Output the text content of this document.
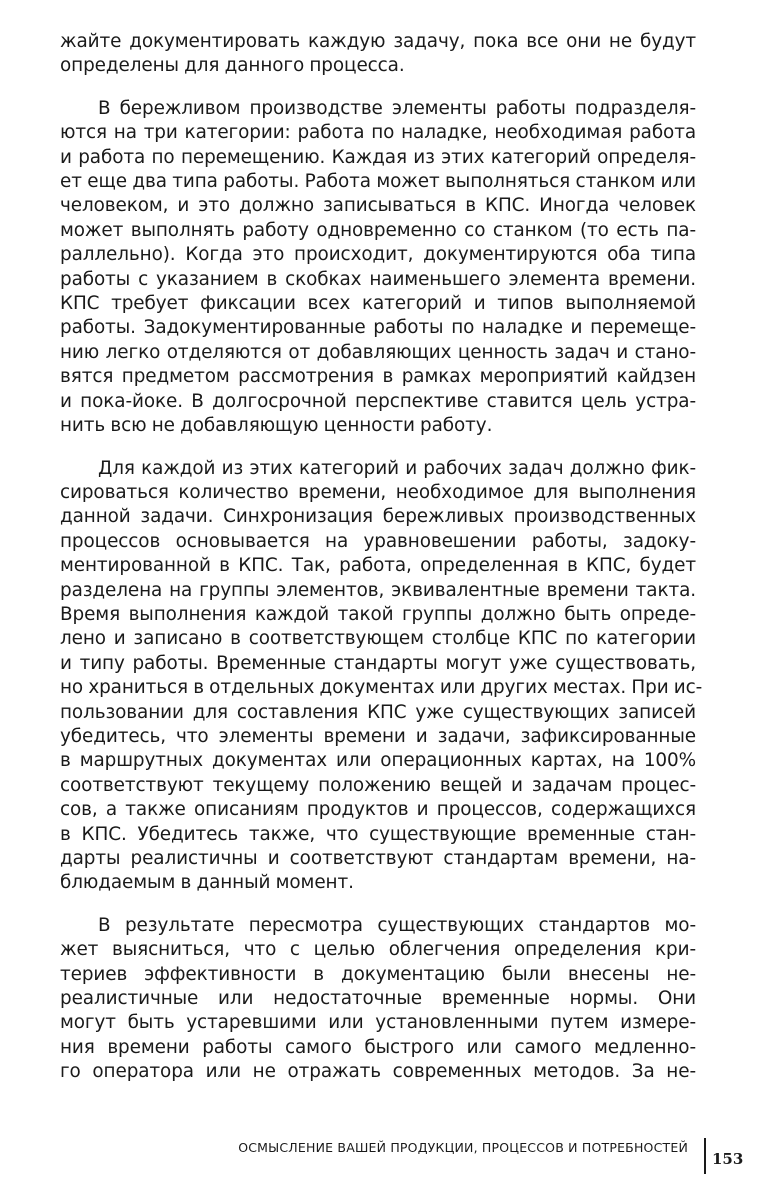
жайте документировать каждую задачу, пока все они не будут
определены для данного процесса.

В бережливом производстве элементы работы подразделя-
ются на три категории: работа по наладке, необходимая работа
и работа по перемещению. Каждая из этих категорий определя-
ет еще два типа работы. Работа может выполняться станком или
человеком, и это должно записываться в КПС. Иногда человек
может выполнять работу одновременно со станком (то есть па-
раллельно). Когда это происходит, документируются оба типа
работы с указанием в скобках наименьшего элемента времени.
КПС требует фиксации всех категорий и типов выполняемой
работы. Задокументированные работы по наладке и перемеще-
нию легко отделяются от добавляющих ценность задач и стано-
вятся предметом рассмотрения в рамках мероприятий кайдзен
и пока-йоке. В долгосрочной перспективе ставится цель устра-
нить всю не добавляющую ценности работу.

Для каждой из этих категорий и рабочих задач должно фик-
сироваться количество времени, необходимое для выполнения
данной задачи. Синхронизация бережливых производственных
процессов основывается на уравновешении работы, задоку-
ментированной в КПС. Так, работа, определенная в КПС, будет
разделена на группы элементов, эквивалентные времени такта.
Время выполнения каждой такой группы должно быть опреде-
лено и записано в соответствующем столбце КПС по категории
и типу работы. Временные стандарты могут уже существовать,
но храниться в отдельных документах или других местах. При ис-
пользовании для составления КПС уже существующих записей
убедитесь, что элементы времени и задачи, зафиксированные
в маршрутных документах или операционных картах, на 100%
соответствуют текущему положению вещей и задачам процес-
сов, а также описаниям продуктов и процессов, содержащихся
в КПС. Убедитесь также, что существующие временные стан-
дарты реалистичны и соответствуют стандартам времени, на-
блюдаемым в данный момент.

В результате пересмотра существующих стандартов мо-
жет выясниться, что с целью облегчения определения кри-
териев эффективности в документацию были внесены не-
реалистичные или недостаточные временные нормы. Они
могут быть устаревшими или установленными путем измере-
ния времени работы самого быстрого или самого медленно-
го оператора или не отражать современных методов. За не-

ОСМЫСЛЕНИЕ ВАШЕЙ ПРОДУКЦИИ, ПРОЦЕССОВ И ПОТРЕБНОСТЕЙ
153
